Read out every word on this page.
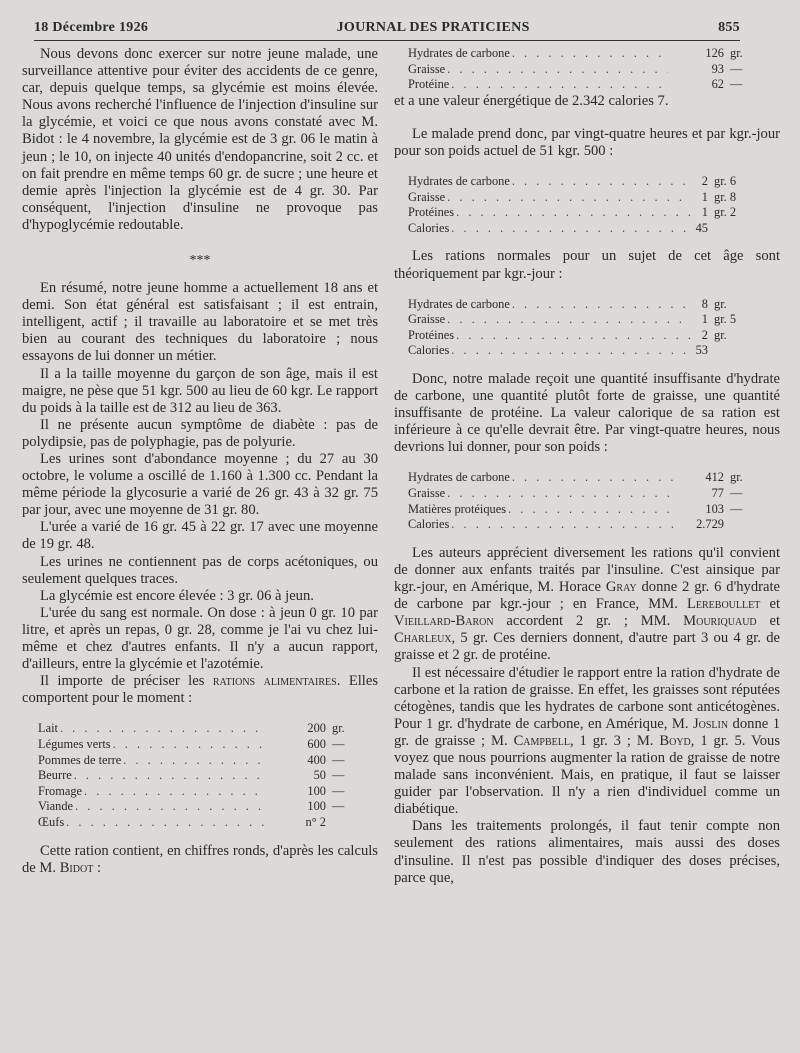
18 Décembre 1926	JOURNAL DES PRATICIENS	855

Nous devons donc exercer sur notre jeune malade, une surveillance attentive pour éviter des accidents de ce genre, car, depuis quelque temps, sa glycémie est moins élevée. Nous avons recherché l'influence de l'injection d'insuline sur la glycémie, et voici ce que nous avons constaté avec M. Bidot : le 4 novembre, la glycémie est de 3 gr. 06 le matin à jeun ; le 10, on injecte 40 unités d'endopancrine, soit 2 cc. et on fait prendre en même temps 60 gr. de sucre ; une heure et demie après l'injection la glycémie est de 4 gr. 30. Par conséquent, l'injection d'insuline ne provoque pas d'hypoglycémie redoutable.

***

En résumé, notre jeune homme a actuellement 18 ans et demi. Son état général est satisfaisant ; il est entrain, intelligent, actif ; il travaille au laboratoire et se met très bien au courant des techniques du laboratoire ; nous essayons de lui donner un métier.

Il a la taille moyenne du garçon de son âge, mais il est maigre, ne pèse que 51 kgr. 500 au lieu de 60 kgr. Le rapport du poids à la taille est de 312 au lieu de 363.

Il ne présente aucun symptôme de diabète : pas de polydipsie, pas de polyphagie, pas de polyurie.

Les urines sont d'abondance moyenne ; du 27 au 30 octobre, le volume a oscillé de 1.160 à 1.300 cc. Pendant la même période la glycosurie a varié de 26 gr. 43 à 32 gr. 75 par jour, avec une moyenne de 31 gr. 80.

L'urée a varié de 16 gr. 45 à 22 gr. 17 avec une moyenne de 19 gr. 48.

Les urines ne contiennent pas de corps acétoniques, ou seulement quelques traces.

La glycémie est encore élevée : 3 gr. 06 à jeun.

L'urée du sang est normale. On dose : à jeun 0 gr. 10 par litre, et après un repas, 0 gr. 28, comme je l'ai vu chez lui-même et chez d'autres enfants. Il n'y a aucun rapport, d'ailleurs, entre la glycémie et l'azotémie.

Il importe de préciser les rations alimentaires. Elles comportent pour le moment :

Lait . . .	200 gr.
Légumes verts . . .	600 —
Pommes de terre . . .	400 —
Beurre . . .	50 —
Fromage . . .	100 —
Viande . . .	100 —
Œufs . . .	n° 2

Cette ration contient, en chiffres ronds, d'après les calculs de M. Bidot :

Hydrates de carbone . . .	126 gr.
Graisse . . .	93 —
Protéine . . .	62 —

et a une valeur énergétique de 2.342 calories 7.

Le malade prend donc, par vingt-quatre heures et par kgr.-jour pour son poids actuel de 51 kgr. 500 :

Hydrates de carbone . . .	2 gr. 6
Graisse . . .	1 gr. 8
Protéines . . .	1 gr. 2
Calories . . .	45

Les rations normales pour un sujet de cet âge sont théoriquement par kgr.-jour :

Hydrates de carbone . . .	8 gr.
Graisse . . .	1 gr. 5
Protéines . . .	2 gr.
Calories . . .	53

Donc, notre malade reçoit une quantité insuffisante d'hydrate de carbone, une quantité plutôt forte de graisse, une quantité insuffisante de protéine. La valeur calorique de sa ration est inférieure à ce qu'elle devrait être. Par vingt-quatre heures, nous devrions lui donner, pour son poids :

Hydrates de carbone . . .	412 gr.
Graisse . . .	77 —
Matières protéiques . . .	103 —
Calories . . .	2.729

Les auteurs apprécient diversement les rations qu'il convient de donner aux enfants traités par l'insuline. C'est ainsique par kgr.-jour, en Amérique, M. Horace Gray donne 2 gr. 6 d'hydrate de carbone par kgr.-jour ; en France, MM. Lereboullet et Vieillard-Baron accordent 2 gr. ; MM. Mouriquaud et Charleux, 5 gr. Ces derniers donnent, d'autre part 3 ou 4 gr. de graisse et 2 gr. de protéine.

Il est nécessaire d'étudier le rapport entre la ration d'hydrate de carbone et la ration de graisse. En effet, les graisses sont réputées cétogènes, tandis que les hydrates de carbone sont anticétogènes. Pour 1 gr. d'hydrate de carbone, en Amérique, M. Joslin donne 1 gr. de graisse ; M. Campbell, 1 gr. 3 ; M. Boyd, 1 gr. 5. Vous voyez que nous pourrions augmenter la ration de graisse de notre malade sans inconvénient. Mais, en pratique, il faut se laisser guider par l'observation. Il n'y a rien d'individuel comme un diabétique.

Dans les traitements prolongés, il faut tenir compte non seulement des rations alimentaires, mais aussi des doses d'insuline. Il n'est pas possible d'indiquer des doses précises, parce que,
